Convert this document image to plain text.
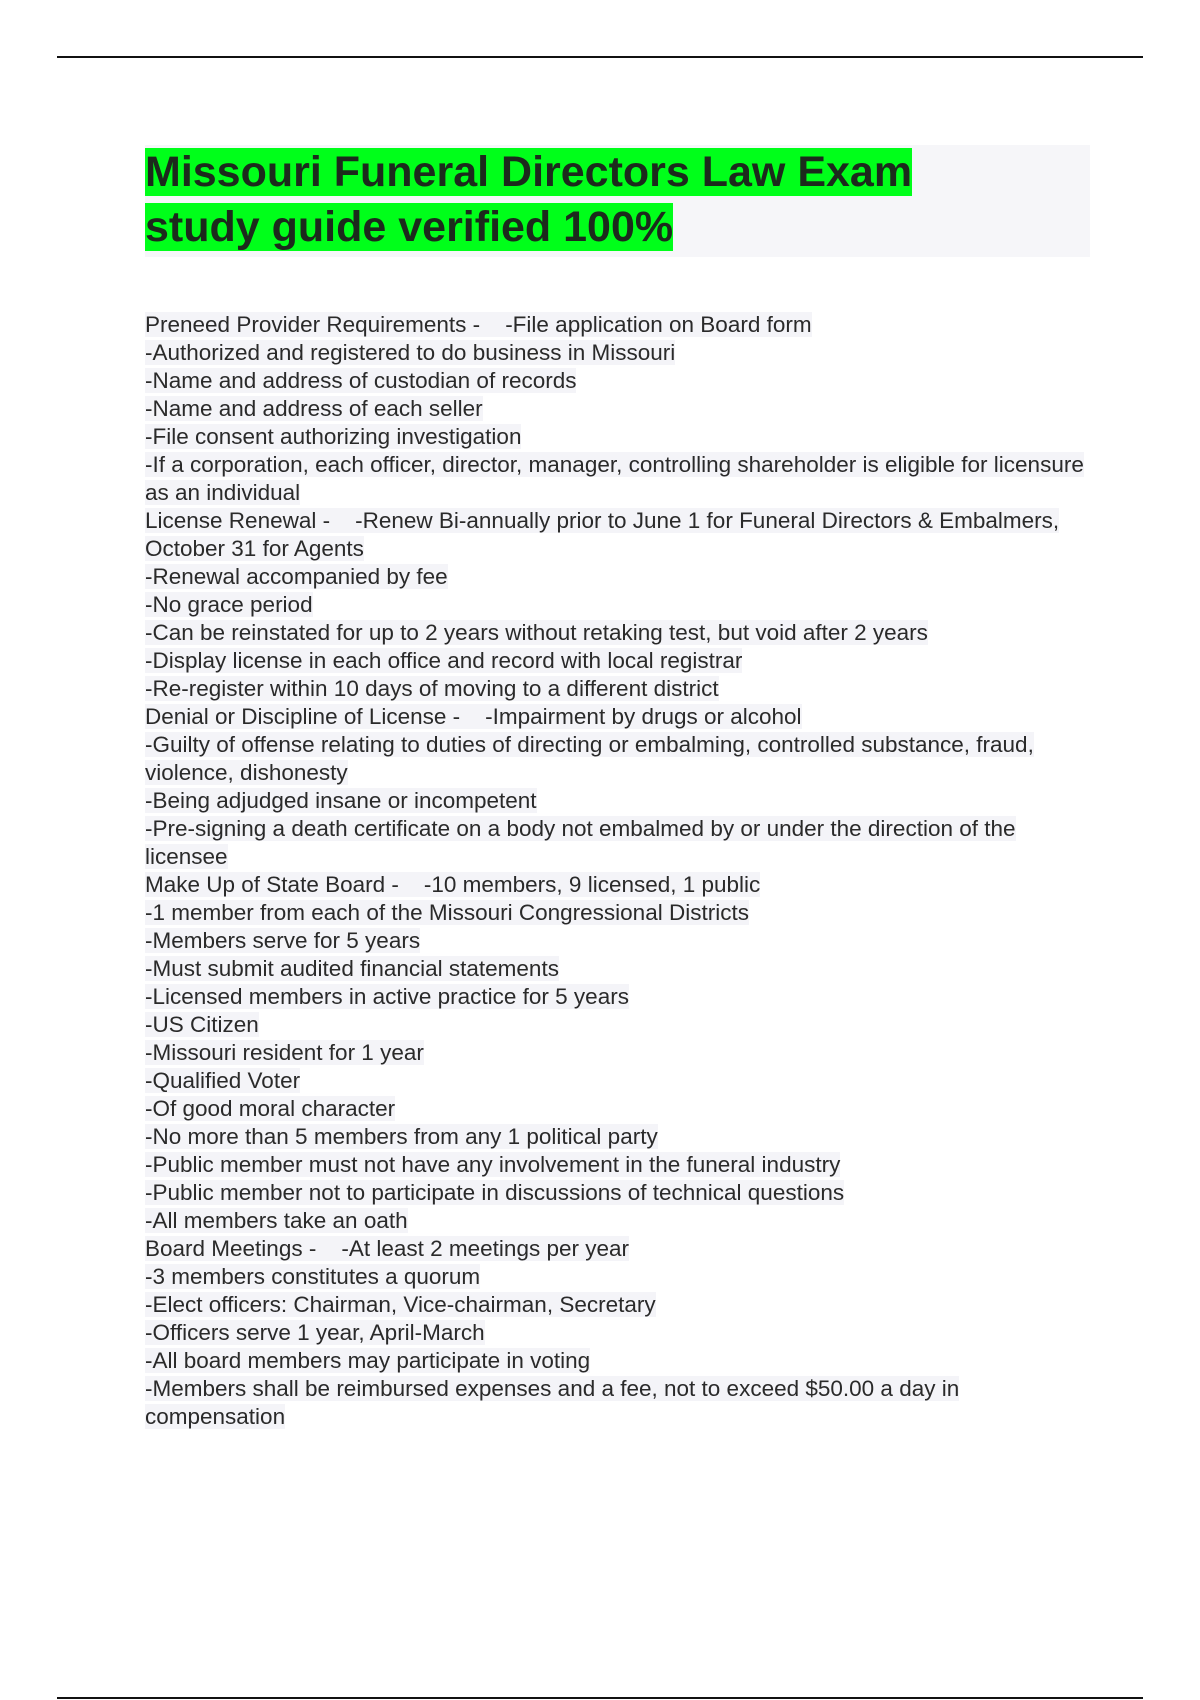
Missouri Funeral Directors Law Exam
study guide verified 100%

Preneed Provider Requirements - -File application on Board form

-Authorized and registered to do business in Missouri

-Name and address of custodian of records

-Name and address of each seller

-File consent authorizing investigation

-If a corporation, each officer, director, manager, controlling shareholder is eligible for licensure as an individual

License Renewal - -Renew Bi-annually prior to June 1 for Funeral Directors & Embalmers, October 31 for Agents

-Renewal accompanied by fee

-No grace period

-Can be reinstated for up to 2 years without retaking test, but void after 2 years

-Display license in each office and record with local registrar

-Re-register within 10 days of moving to a different district

Denial or Discipline of License - -Impairment by drugs or alcohol

-Guilty of offense relating to duties of directing or embalming, controlled substance, fraud, violence, dishonesty

-Being adjudged insane or incompetent

-Pre-signing a death certificate on a body not embalmed by or under the direction of the licensee

Make Up of State Board - -10 members, 9 licensed, 1 public

-1 member from each of the Missouri Congressional Districts

-Members serve for 5 years

-Must submit audited financial statements

-Licensed members in active practice for 5 years

-US Citizen

-Missouri resident for 1 year

-Qualified Voter

-Of good moral character

-No more than 5 members from any 1 political party

-Public member must not have any involvement in the funeral industry

-Public member not to participate in discussions of technical questions

-All members take an oath

Board Meetings - -At least 2 meetings per year

-3 members constitutes a quorum

-Elect officers: Chairman, Vice-chairman, Secretary

-Officers serve 1 year, April-March

-All board members may participate in voting

-Members shall be reimbursed expenses and a fee, not to exceed $50.00 a day in compensation
